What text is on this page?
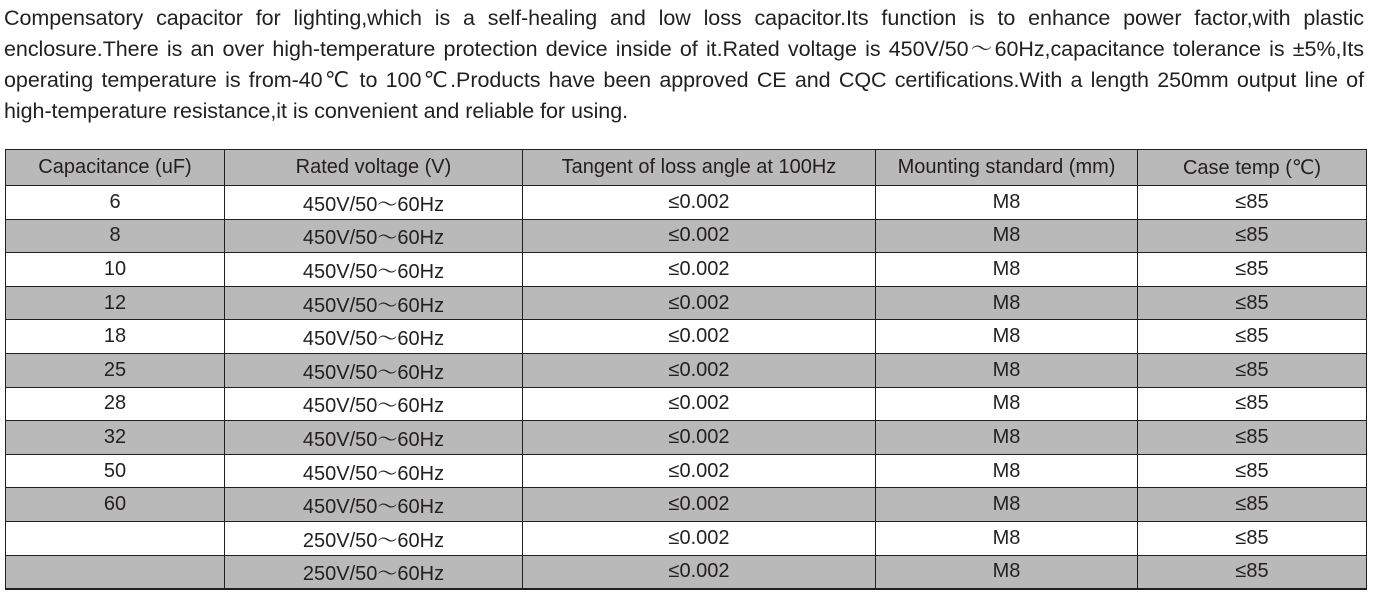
Compensatory capacitor for lighting,which is a self-healing and low loss capacitor.Its function is to enhance power factor,with plastic enclosure.There is an over high-temperature protection device inside of it.Rated voltage is 450V/50～60Hz,capacitance tolerance is ±5%,Its operating temperature is from-40℃ to 100℃.Products have been approved CE and CQC certifications.With a length 250mm output line of high-temperature resistance,it is convenient and reliable for using.

Capacitance (uF)	Rated voltage (V)	Tangent of loss angle at 100Hz	Mounting standard (mm)	Case temp (℃)
6	450V/50～60Hz	≤0.002	M8	≤85
8	450V/50～60Hz	≤0.002	M8	≤85
10	450V/50～60Hz	≤0.002	M8	≤85
12	450V/50～60Hz	≤0.002	M8	≤85
18	450V/50～60Hz	≤0.002	M8	≤85
25	450V/50～60Hz	≤0.002	M8	≤85
28	450V/50～60Hz	≤0.002	M8	≤85
32	450V/50～60Hz	≤0.002	M8	≤85
50	450V/50～60Hz	≤0.002	M8	≤85
60	450V/50～60Hz	≤0.002	M8	≤85
	250V/50～60Hz	≤0.002	M8	≤85
	250V/50～60Hz	≤0.002	M8	≤85
